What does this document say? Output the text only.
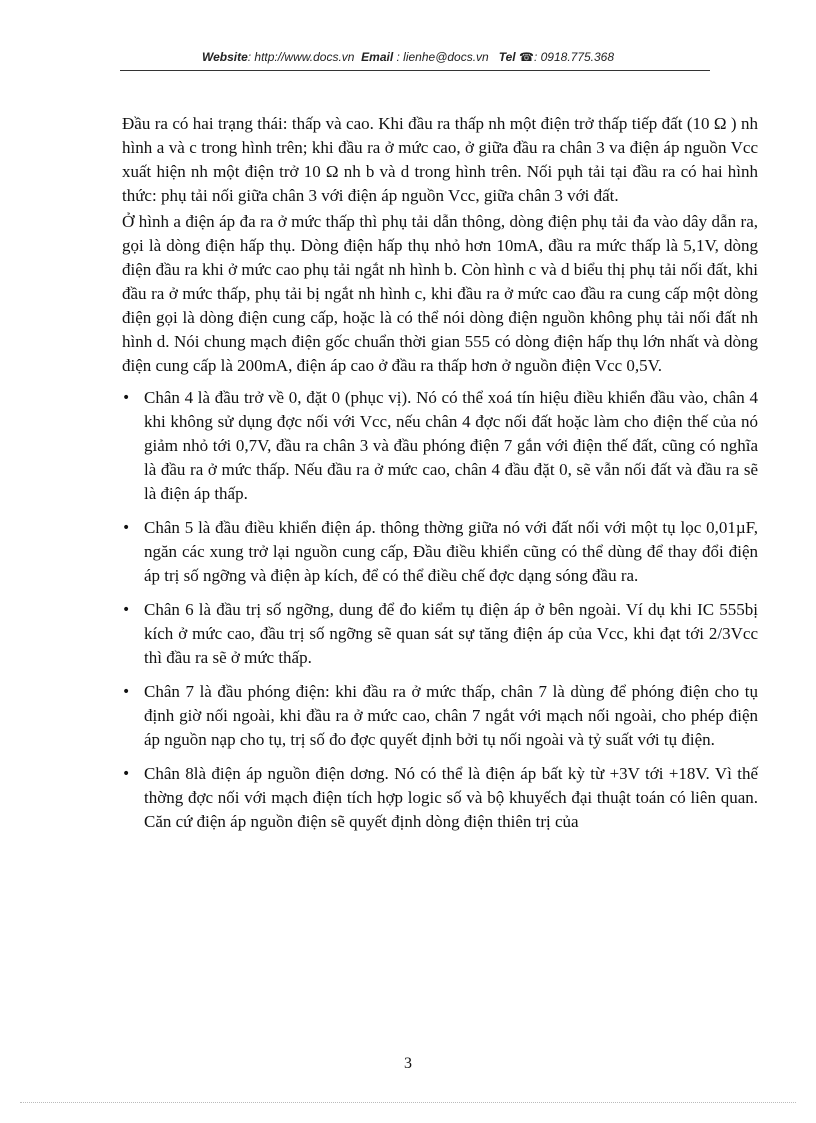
Website: http://www.docs.vn Email : lienhe@docs.vn Tel ☎: 0918.775.368

Đầu ra có hai trạng thái: thấp và cao. Khi đầu ra thấp nh một điện trở thấp tiếp đất (10 Ω ) nh hình a và c trong hình trên; khi đầu ra ở mức cao, ở giữa đầu ra chân 3 va điện áp nguồn Vcc xuất hiện nh một điện trở 10 Ω nh b và d trong hình trên. Nối pụh tải tại đầu ra có hai hình thức: phụ tải nối giữa chân 3 với điện áp nguồn Vcc, giữa chân 3 với đất.

Ở hình a điện áp đa ra ở mức thấp thì phụ tải dẫn thông, dòng điện phụ tải đa vào dây dẫn ra, gọi là dòng điện hấp thụ. Dòng điện hấp thụ nhỏ hơn 10mA, đầu ra mức thấp là 5,1V, dòng điện đầu ra khi ở mức cao phụ tải ngắt nh hình b. Còn hình c và d biểu thị phụ tải nối đất, khi đầu ra ở mức thấp, phụ tải bị ngắt nh hình c, khi đầu ra ở mức cao đầu ra cung cấp một dòng điện gọi là dòng điện cung cấp, hoặc là có thể nói dòng điện nguồn không phụ tải nối đất nh hình d. Nói chung mạch điện gốc chuẩn thời gian 555 có dòng điện hấp thụ lớn nhất và dòng điện cung cấp là 200mA, điện áp cao ở đầu ra thấp hơn ở nguồn điện Vcc 0,5V.

• Chân 4 là đầu trở về 0, đặt 0 (phục vị). Nó có thể xoá tín hiệu điều khiển đầu vào, chân 4 khi không sử dụng đợc nối với Vcc, nếu chân 4 đợc nối đất hoặc làm cho điện thế của nó giảm nhỏ tới 0,7V, đầu ra chân 3 và đầu phóng điện 7 gắn với điện thế đất, cũng có nghĩa là đầu ra ở mức thấp. Nếu đầu ra ở mức cao, chân 4 đầu đặt 0, sẽ vẫn nối đất và đầu ra sẽ là điện áp thấp.
• Chân 5 là đầu điều khiển điện áp. thông thờng giữa nó với đất nối với một tụ lọc 0,01µF, ngăn các xung trở lại nguồn cung cấp, Đầu điều khiển cũng có thể dùng để thay đổi điện áp trị số ngỡng và điện àp kích, để có thể điều chế đợc dạng sóng đầu ra.
• Chân 6 là đầu trị số ngỡng, dung để đo kiểm tụ điện áp ở bên ngoài. Ví dụ khi IC 555bị kích ở mức cao, đầu trị số ngỡng sẽ quan sát sự tăng điện áp của Vcc, khi đạt tới 2/3Vcc thì đầu ra sẽ ở mức thấp.
• Chân 7 là đầu phóng điện: khi đầu ra ở mức thấp, chân 7 là dùng để phóng điện cho tụ định giờ nối ngoài, khi đầu ra ở mức cao, chân 7 ngắt với mạch nối ngoài, cho phép điện áp nguồn nạp cho tụ, trị số đo đợc quyết định bởi tụ nối ngoài và tỷ suất với tụ điện.
• Chân 8là điện áp nguồn điện dơng. Nó có thể là điện áp bất kỳ từ +3V tới +18V. Vì thế thờng đợc nối với mạch điện tích hợp logic số và bộ khuyếch đại thuật toán có liên quan. Căn cứ điện áp nguồn điện sẽ quyết định dòng điện thiên trị của
3
